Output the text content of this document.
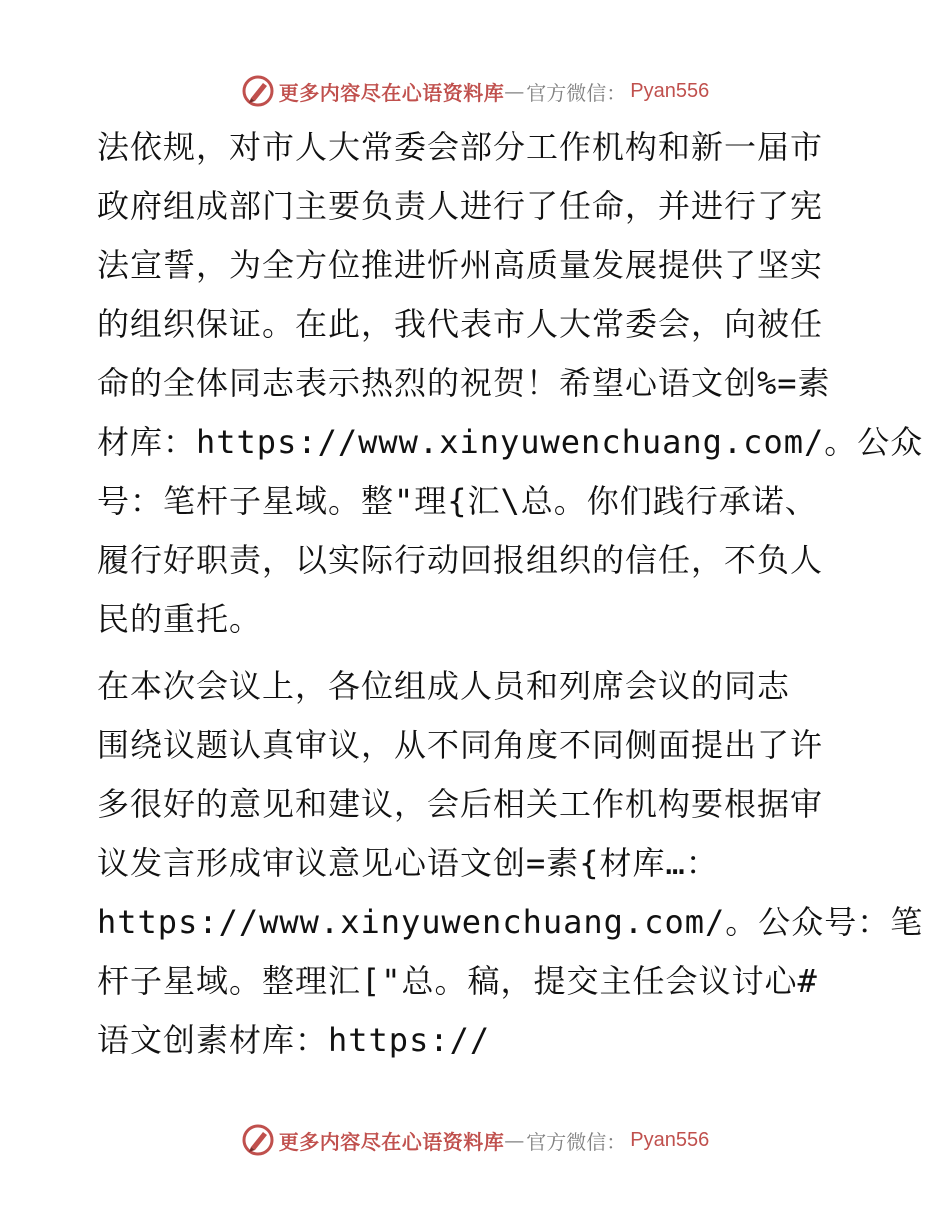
更多内容尽在心语资料库 — 官方微信： Pyan556
法依规，对市人大常委会部分工作机构和新一届市
政府组成部门主要负责人进行了任命，并进行了宪
法宣誓，为全方位推进忻州高质量发展提供了坚实
的组织保证。在此，我代表市人大常委会，向被任
命的全体同志表示热烈的祝贺！希望心语文创%=素
材库：https://www.xinyuwenchuang.com/。公众
号：笔杆子星域。整"理{汇\总。你们践行承诺、
履行好职责，以实际行动回报组织的信任，不负人
民的重托。
在本次会议上，各位组成人员和列席会议的同志
围绕议题认真审议，从不同角度不同侧面提出了许
多很好的意见和建议，会后相关工作机构要根据审
议发言形成审议意见心语文创=素{材库…：
https://www.xinyuwenchuang.com/。公众号：笔
杆子星域。整理汇["总。稿，提交主任会议讨心#
语文创素材库：https://
更多内容尽在心语资料库 — 官方微信： Pyan556
